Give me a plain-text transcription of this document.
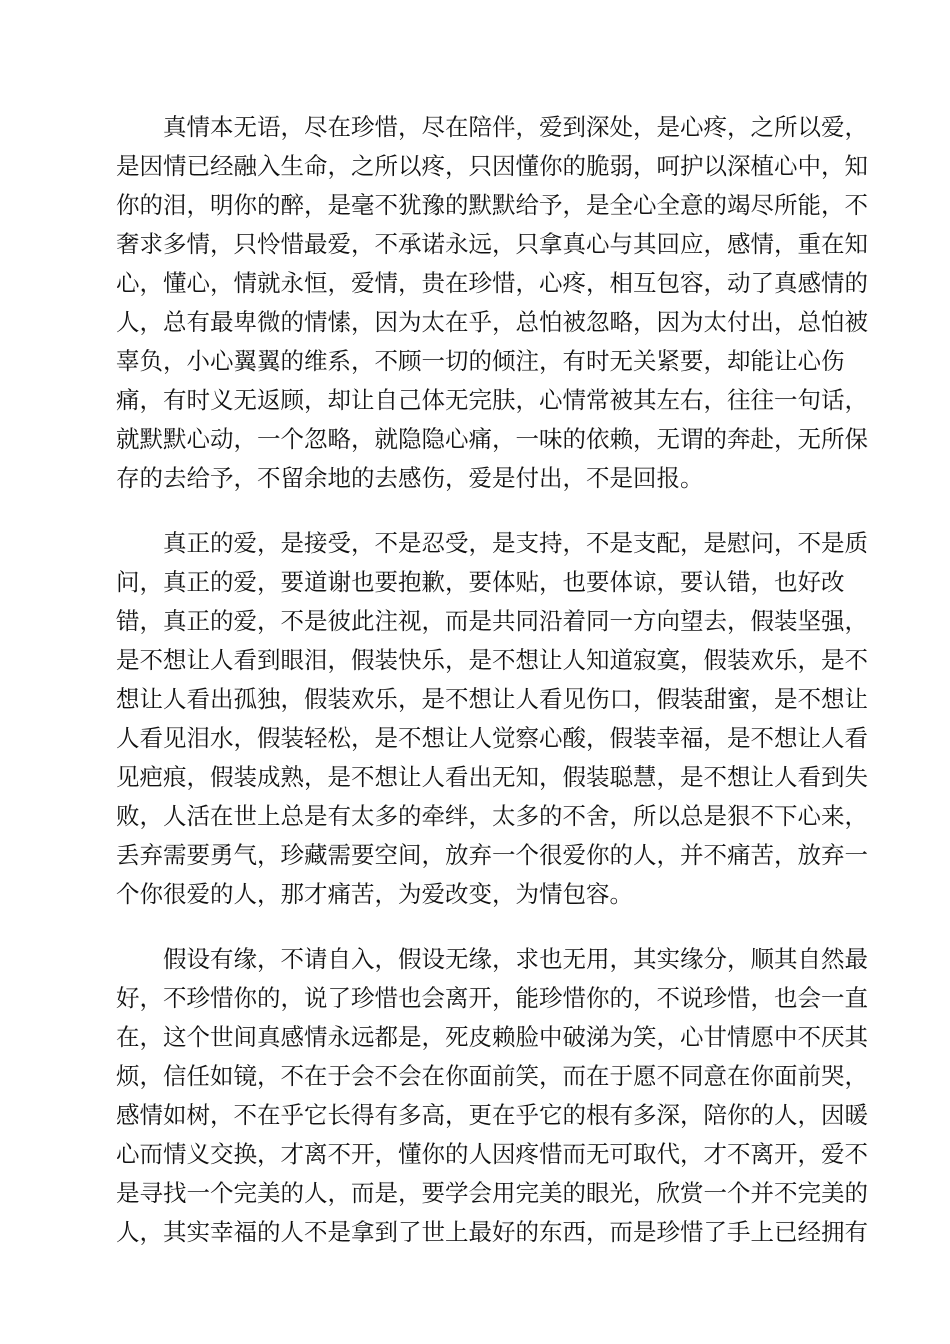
真情本无语，尽在珍惜，尽在陪伴，爱到深处，是心疼，之所以爱，
是因情已经融入生命，之所以疼，只因懂你的脆弱，呵护以深植心中，知
你的泪，明你的醉，是毫不犹豫的默默给予，是全心全意的竭尽所能，不
奢求多情，只怜惜最爱，不承诺永远，只拿真心与其回应，感情，重在知
心，懂心，情就永恒，爱情，贵在珍惜，心疼，相互包容，动了真感情的
人，总有最卑微的情愫，因为太在乎，总怕被忽略，因为太付出，总怕被
辜负，小心翼翼的维系，不顾一切的倾注，有时无关紧要，却能让心伤
痛，有时义无返顾，却让自己体无完肤，心情常被其左右，往往一句话，
就默默心动，一个忽略，就隐隐心痛，一味的依赖，无谓的奔赴，无所保
存的去给予，不留余地的去感伤，爱是付出，不是回报。

真正的爱，是接受，不是忍受，是支持，不是支配，是慰问，不是质
问，真正的爱，要道谢也要抱歉，要体贴，也要体谅，要认错，也好改
错，真正的爱，不是彼此注视，而是共同沿着同一方向望去，假装坚强，
是不想让人看到眼泪，假装快乐，是不想让人知道寂寞，假装欢乐，是不
想让人看出孤独，假装欢乐，是不想让人看见伤口，假装甜蜜，是不想让
人看见泪水，假装轻松，是不想让人觉察心酸，假装幸福，是不想让人看
见疤痕，假装成熟，是不想让人看出无知，假装聪慧，是不想让人看到失
败，人活在世上总是有太多的牵绊，太多的不舍，所以总是狠不下心来，
丢弃需要勇气，珍藏需要空间，放弃一个很爱你的人，并不痛苦，放弃一
个你很爱的人，那才痛苦，为爱改变，为情包容。

假设有缘，不请自入，假设无缘，求也无用，其实缘分，顺其自然最
好，不珍惜你的，说了珍惜也会离开，能珍惜你的，不说珍惜，也会一直
在，这个世间真感情永远都是，死皮赖脸中破涕为笑，心甘情愿中不厌其
烦，信任如镜，不在于会不会在你面前笑，而在于愿不同意在你面前哭，
感情如树，不在乎它长得有多高，更在乎它的根有多深，陪你的人，因暖
心而情义交换，才离不开，懂你的人因疼惜而无可取代，才不离开，爱不
是寻找一个完美的人，而是，要学会用完美的眼光，欣赏一个并不完美的
人，其实幸福的人不是拿到了世上最好的东西，而是珍惜了手上已经拥有
